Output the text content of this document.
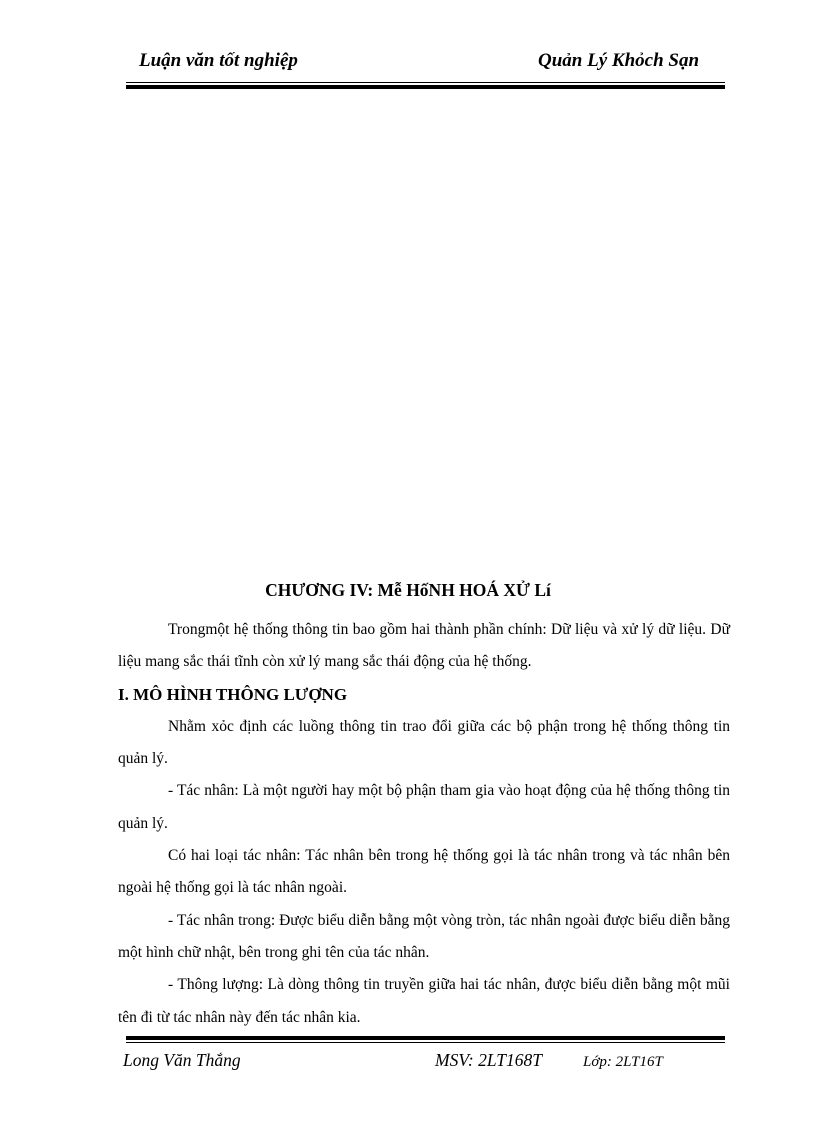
Luận văn tốt nghiệp	Quản Lý Khỏch Sạn
CHƯƠNG IV: Mễ HốNH HOÁ XỬ Lí

Trongmột hệ thống thông tin bao gồm hai thành phần chính: Dữ liệu và xử lý dữ liệu. Dữ liệu mang sắc thái tĩnh còn xử lý mang sắc thái động của hệ thống.

I. MÔ HÌNH THÔNG LƯỢNG

Nhằm xỏc định các luồng thông tin trao đổi giữa các bộ phận trong hệ thống thông tin quản lý.

- Tác nhân: Là một người hay một bộ phận tham gia vào hoạt động của hệ thống thông tin quản lý.

Có hai loại tác nhân: Tác nhân bên trong hệ thống gọi là tác nhân trong và tác nhân bên ngoài hệ thống gọi là tác nhân ngoài.

- Tác nhân trong: Được biểu diễn bằng một vòng tròn, tác nhân ngoài được biểu diễn bằng một hình chữ nhật, bên trong ghi tên của tác nhân.

- Thông lượng: Là dòng thông tin truyền giữa hai tác nhân, được biểu diễn bằng một mũi tên đi từ tác nhân này đến tác nhân kia.

Long Văn Thắng	MSV: 2LT168T	Lớp: 2LT16T
